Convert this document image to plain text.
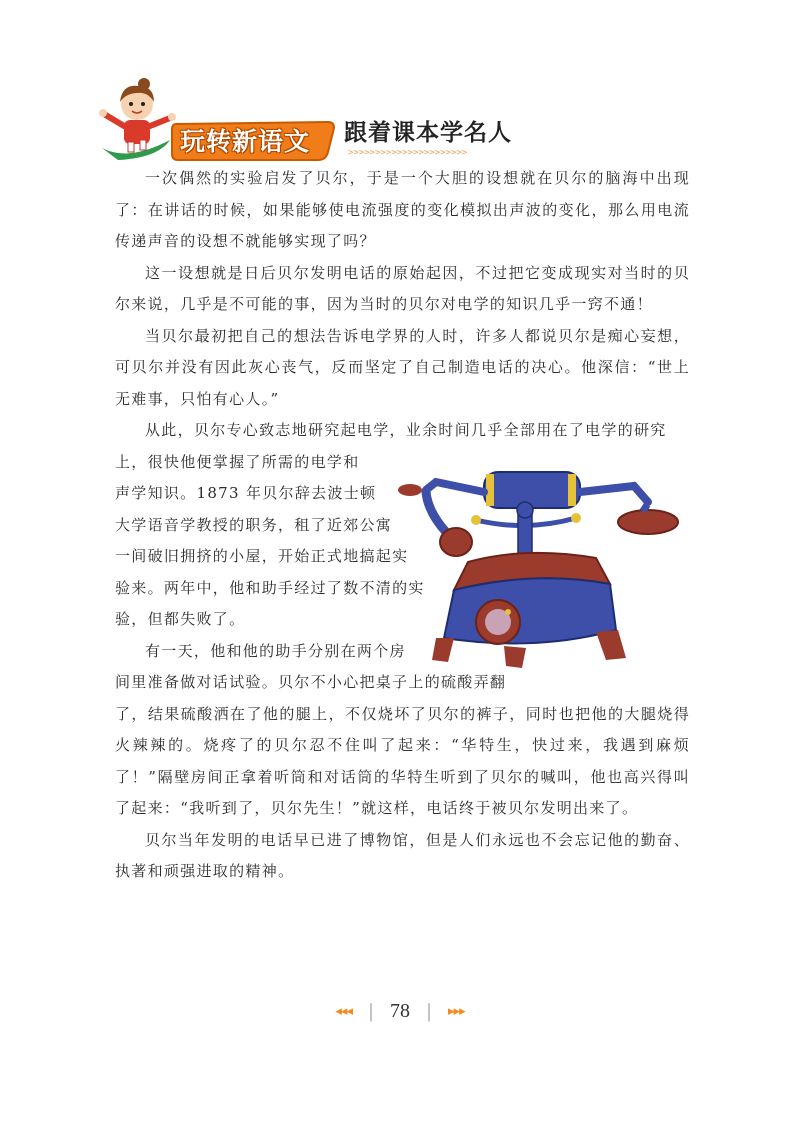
玩转新语文 跟着课本学名人
>>>>>>>>>>>>>>>>>>>>>>

一次偶然的实验启发了贝尔，于是一个大胆的设想就在贝尔的脑海中出现了：在讲话的时候，如果能够使电流强度的变化模拟出声波的变化，那么用电流传递声音的设想不就能够实现了吗？

这一设想就是日后贝尔发明电话的原始起因，不过把它变成现实对当时的贝尔来说，几乎是不可能的事，因为当时的贝尔对电学的知识几乎一窍不通！

当贝尔最初把自己的想法告诉电学界的人时，许多人都说贝尔是痴心妄想，可贝尔并没有因此灰心丧气，反而坚定了自己制造电话的决心。他深信：“世上无难事，只怕有心人。”

从此，贝尔专心致志地研究起电学，业余时间几乎全部用在了电学的研究

上，很快他便掌握了所需的电学和

声学知识。1873 年贝尔辞去波士顿

大学语音学教授的职务，租了近郊公寓

一间破旧拥挤的小屋，开始正式地搞起实

验来。两年中，他和助手经过了数不清的实

验，但都失败了。

有一天，他和他的助手分别在两个房

间里准备做对话试验。贝尔不小心把桌子上的硫酸弄翻

了，结果硫酸洒在了他的腿上，不仅烧坏了贝尔的裤子，同时也把他的大腿烧得火辣辣的。烧疼了的贝尔忍不住叫了起来：“华特生，快过来，我遇到麻烦了！”隔壁房间正拿着听筒和对话筒的华特生听到了贝尔的喊叫，他也高兴得叫了起来：“我听到了，贝尔先生！”就这样，电话终于被贝尔发明出来了。

贝尔当年发明的电话早已进了博物馆，但是人们永远也不会忘记他的勤奋、执著和顽强进取的精神。

◂◂◂ | 78 | ▸▸▸
